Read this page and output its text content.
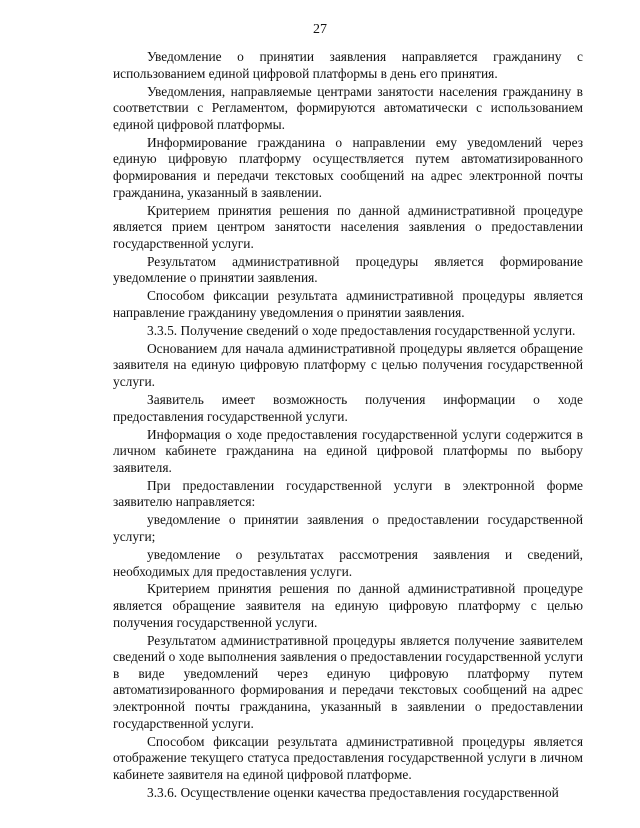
27

Уведомление о принятии заявления направляется гражданину с использованием единой цифровой платформы в день его принятия.

Уведомления, направляемые центрами занятости населения гражданину в соответствии с Регламентом, формируются автоматически с использованием единой цифровой платформы.

Информирование гражданина о направлении ему уведомлений через единую цифровую платформу осуществляется путем автоматизированного формирования и передачи текстовых сообщений на адрес электронной почты гражданина, указанный в заявлении.

Критерием принятия решения по данной административной процедуре является прием центром занятости населения заявления о предоставлении государственной услуги.

Результатом административной процедуры является формирование уведомление о принятии заявления.

Способом фиксации результата административной процедуры является направление гражданину уведомления о принятии заявления.

3.3.5. Получение сведений о ходе предоставления государственной услуги.

Основанием для начала административной процедуры является обращение заявителя на единую цифровую платформу с целью получения государственной услуги.

Заявитель имеет возможность получения информации о ходе предоставления государственной услуги.

Информация о ходе предоставления государственной услуги содержится в личном кабинете гражданина на единой цифровой платформы по выбору заявителя.

При предоставлении государственной услуги в электронной форме заявителю направляется:

уведомление о принятии заявления о предоставлении государственной услуги;

уведомление о результатах рассмотрения заявления и сведений, необходимых для предоставления услуги.

Критерием принятия решения по данной административной процедуре является обращение заявителя на единую цифровую платформу с целью получения государственной услуги.

Результатом административной процедуры является получение заявителем сведений о ходе выполнения заявления о предоставлении государственной услуги в виде уведомлений через единую цифровую платформу путем автоматизированного формирования и передачи текстовых сообщений на адрес электронной почты гражданина, указанный в заявлении о предоставлении государственной услуги.

Способом фиксации результата административной процедуры является отображение текущего статуса предоставления государственной услуги в личном кабинете заявителя на единой цифровой платформе.

3.3.6. Осуществление оценки качества предоставления государственной
